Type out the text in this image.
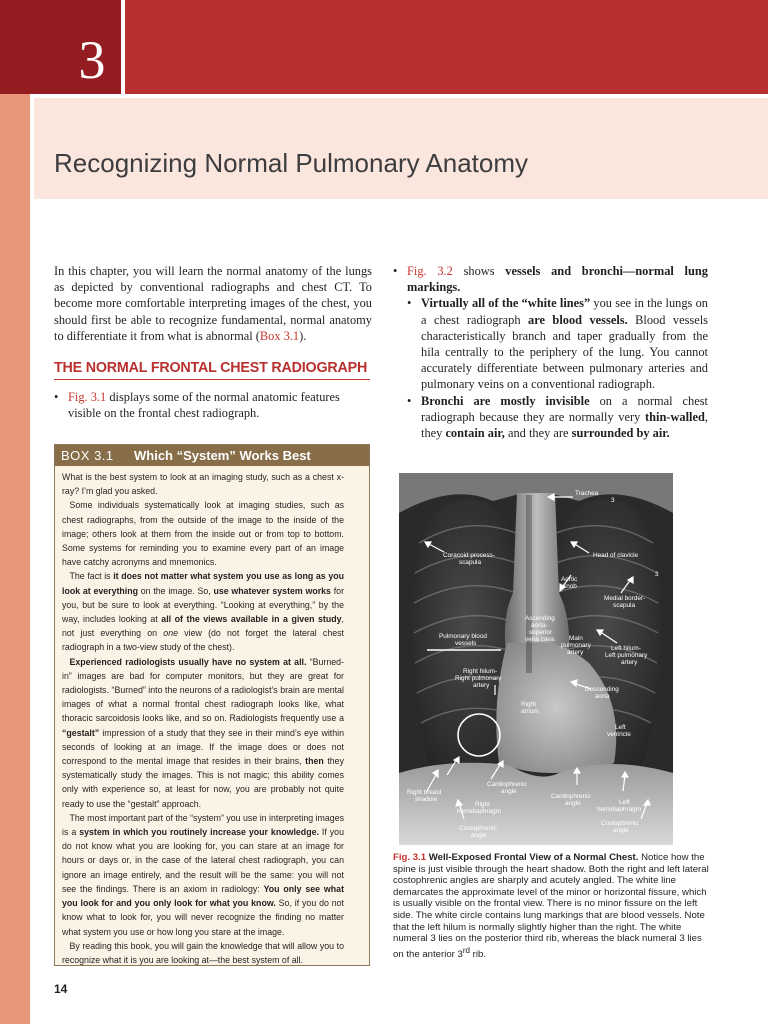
3
Recognizing Normal Pulmonary Anatomy

In this chapter, you will learn the normal anatomy of the lungs as depicted by conventional radiographs and chest CT. To become more comfortable interpreting images of the chest, you should first be able to recognize fundamental, normal anatomy to differentiate it from what is abnormal (Box 3.1).

THE NORMAL FRONTAL CHEST RADIOGRAPH
• Fig. 3.1 displays some of the normal anatomic features visible on the frontal chest radiograph.
BOX 3.1 Which “System” Works Best

What is the best system to look at an imaging study, such as a chest x-ray? I’m glad you asked.

Some individuals systematically look at imaging studies, such as chest radiographs, from the outside of the image to the inside of the image; others look at them from the inside out or from top to bottom. Some systems for reminding you to examine every part of an image have catchy acronyms and mnemonics.

The fact is it does not matter what system you use as long as you look at everything on the image. So, use whatever system works for you, but be sure to look at everything. “Looking at everything,” by the way, includes looking at all of the views available in a given study, not just everything on one view (do not forget the lateral chest radiograph in a two-view study of the chest).

Experienced radiologists usually have no system at all. “Burned-in” images are bad for computer monitors, but they are great for radiologists. “Burned” into the neurons of a radiologist’s brain are mental images of what a normal frontal chest radiograph looks like, what thoracic sarcoidosis looks like, and so on. Radiologists frequently use a “gestalt” impression of a study that they see in their mind’s eye within seconds of looking at an image. If the image does or does not correspond to the mental image that resides in their brains, then they systematically study the images. This is not magic; this ability comes only with experience so, at least for now, you are probably not quite ready to use the “gestalt” approach.

The most important part of the “system” you use in interpreting images is a system in which you routinely increase your knowledge. If you do not know what you are looking for, you can stare at an image for hours or days or, in the case of the lateral chest radiograph, you can ignore an image entirely, and the result will be the same: you will not see the findings. There is an axiom in radiology: You only see what you look for and you only look for what you know. So, if you do not know what to look for, you will never recognize the finding no matter what system you use or how long you stare at the image.

By reading this book, you will gain the knowledge that will allow you to recognize what it is you are looking at—the best system of all.

• Fig. 3.2 shows vessels and bronchi—normal lung markings.
• Virtually all of the “white lines” you see in the lungs on a chest radiograph are blood vessels. Blood vessels characteristically branch and taper gradually from the hila centrally to the periphery of the lung. You cannot accurately differentiate between pulmonary arteries and pulmonary veins on a conventional radiograph.
• Bronchi are mostly invisible on a normal chest radiograph because they are normally very thin-walled, they contain air, and they are surrounded by air.
Trachea
3
Coracoid process-
scapula
Head of clavicle
3
Aortic
knob
Medial border-
scapula
Ascending
aorta-
superior
vena cava
Pulmonary blood
vessels
Main
pulmonary
artery
Left hilum-
Left pulmonary
artery
Right hilum-
Right pulmonary
artery
Descending
aorta
Right
atrium
Left
ventricle
Right breast
shadow
Cardiophrenic
angle
Cardiophrenic
angle
Right
hemidiaphragm
Left
hemidiaphragm
Costophrenic
angle
Costophrenic
angle

Fig. 3.1 Well-Exposed Frontal View of a Normal Chest. Notice how the spine is just visible through the heart shadow. Both the right and left lateral costophrenic angles are sharply and acutely angled. The white line demarcates the approximate level of the minor or horizontal fissure, which is usually visible on the frontal view. There is no minor fissure on the left side. The white circle contains lung markings that are blood vessels. Note that the left hilum is normally slightly higher than the right. The white numeral 3 lies on the posterior third rib, whereas the black numeral 3 lies on the anterior 3rd rib.

14
